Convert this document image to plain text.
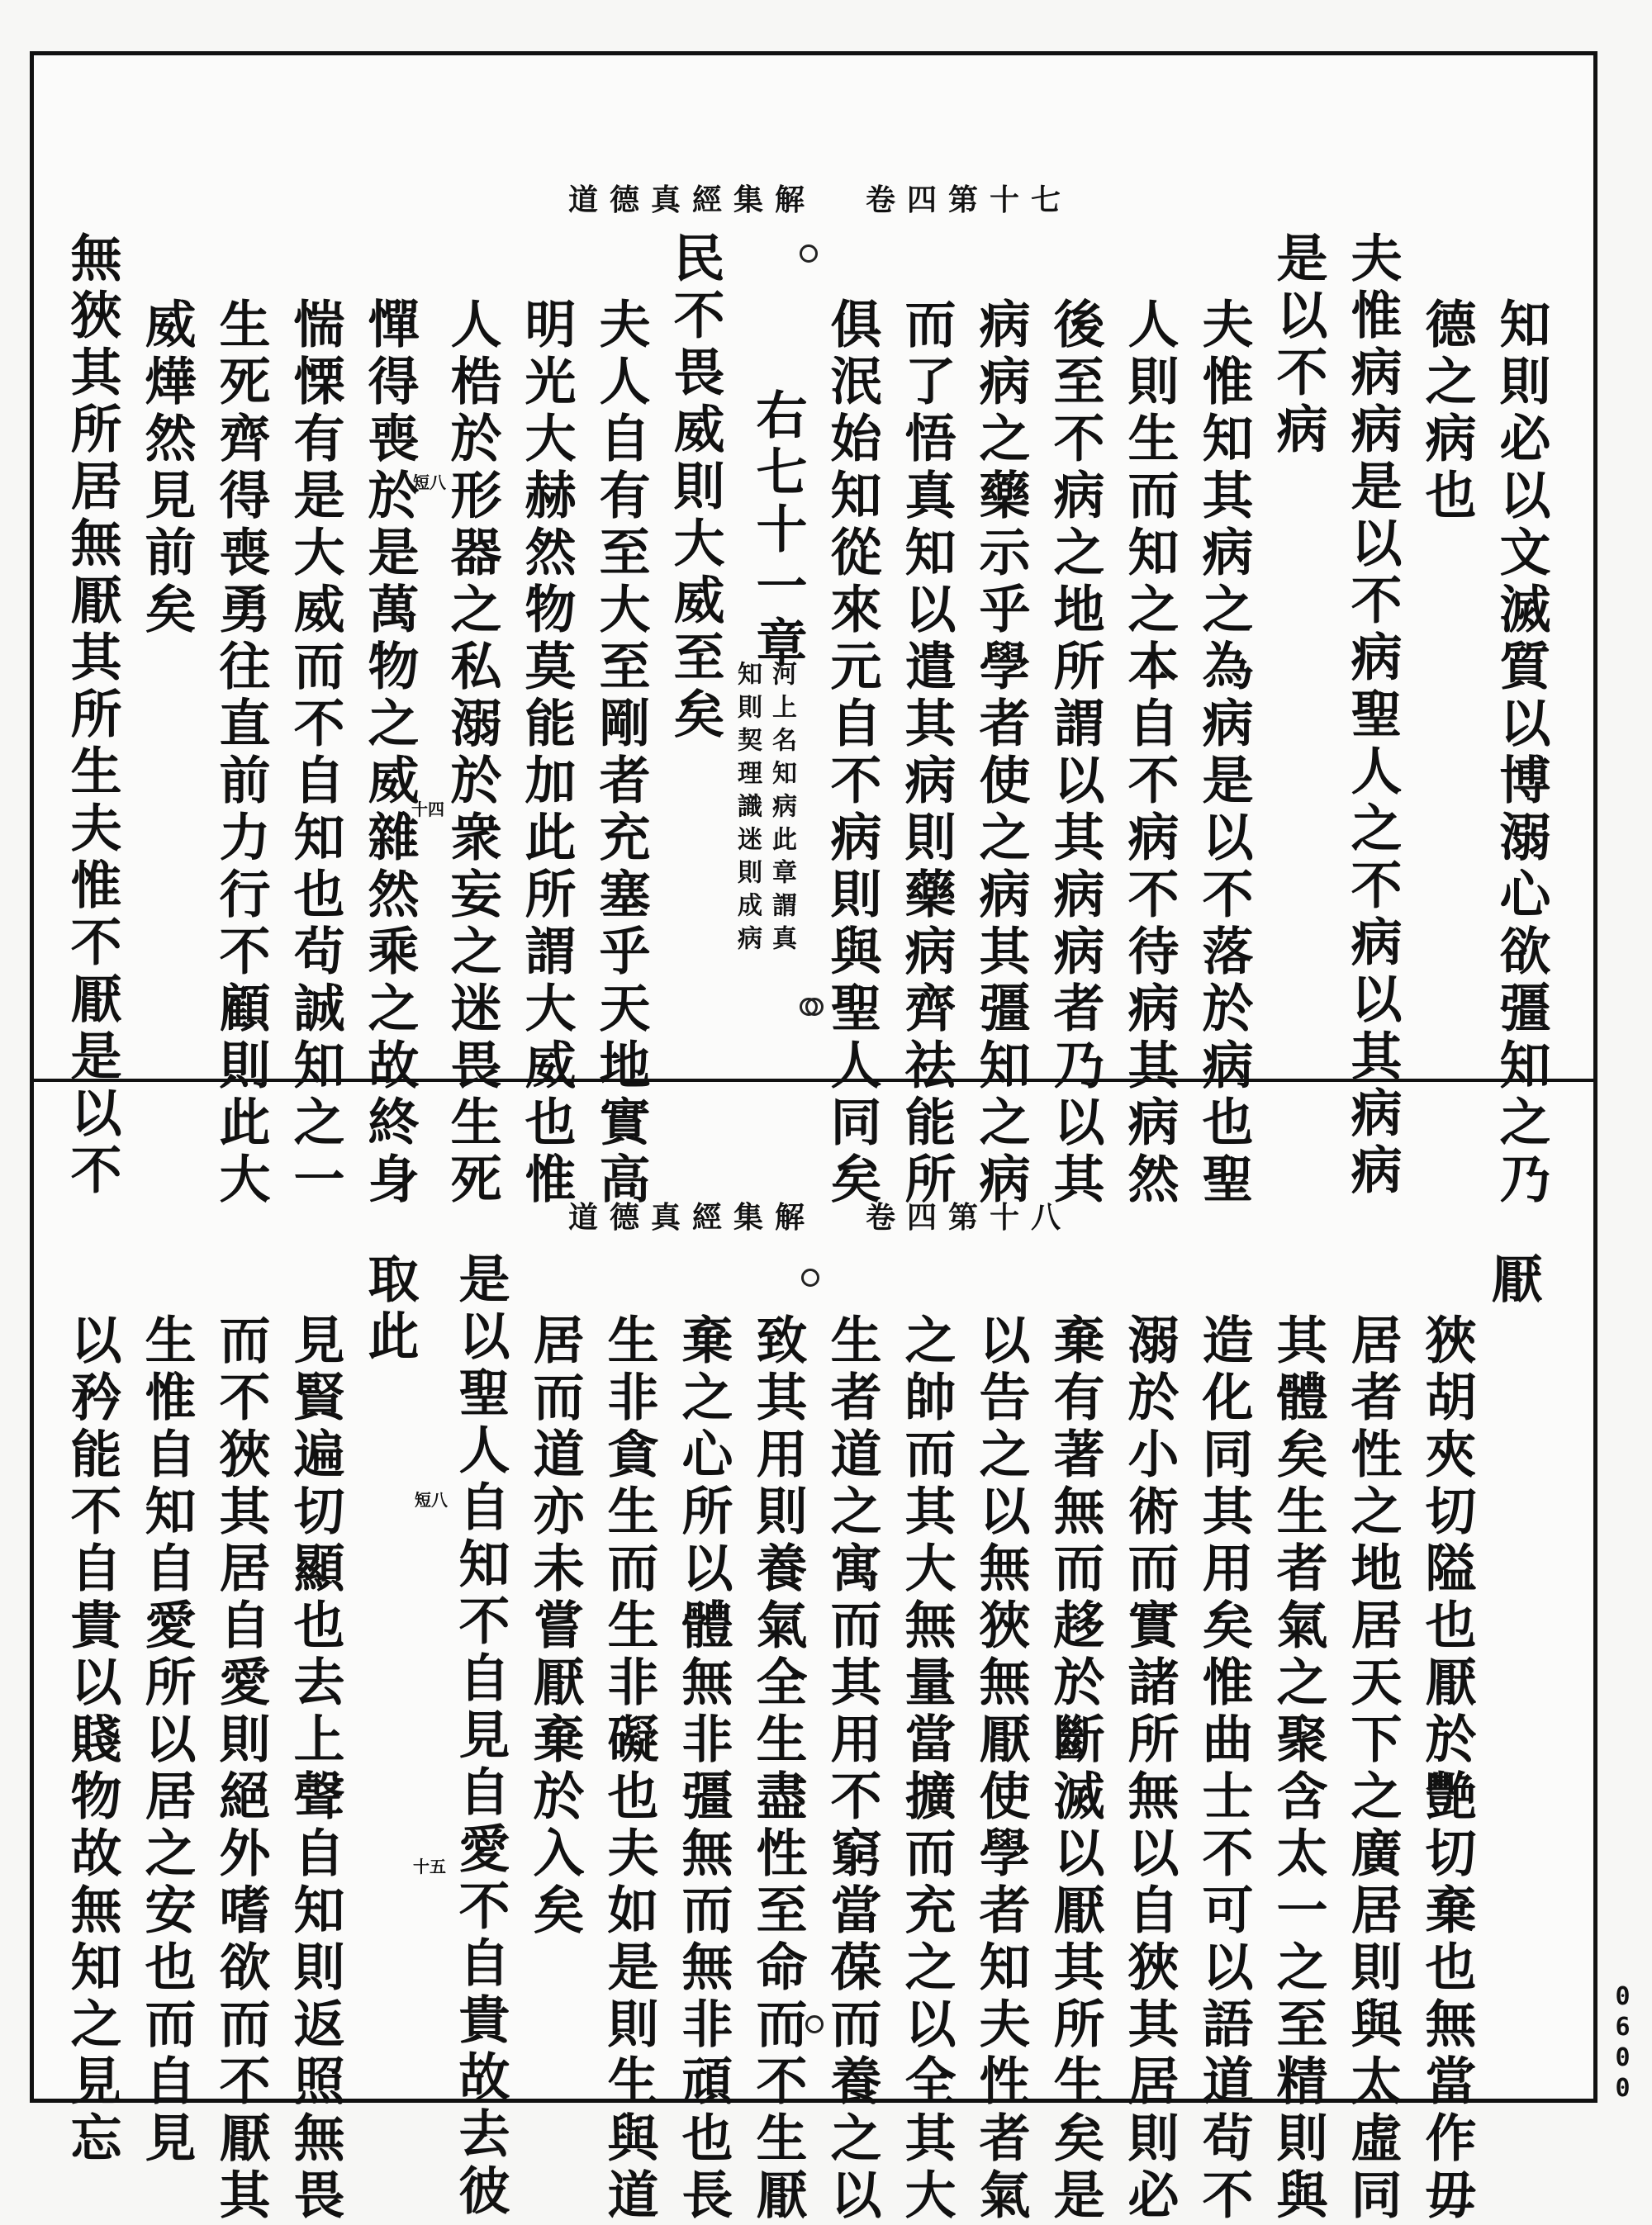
道德真經集解 卷四第十七
知則必以文滅質以博溺心欲彊知之乃
德之病也
夫惟病病是以不病聖人之不病以其病病
是以不病
夫惟知其病之為病是以不落於病也聖
人則生而知之本自不病不待病其病然
後至不病之地所謂以其病病者乃以其
病病之藥示乎學者使之病其彊知之病
而了悟真知以遣其病則藥病齊祛能所
俱泯始知從來元自不病則與聖人同矣
右七十一章
河上名知病此章謂真
知則契理識迷則成病
民不畏威則大威至矣
夫人自有至大至剛者充塞乎天地實高
明光大赫然物莫能加此所謂大威也惟
人梏於形器之私溺於衆妄之迷畏生死
短八
十四
憚得喪於是萬物之威雜然乘之故終身
惴慄有是大威而不自知也茍誠知之一
生死齊得喪勇往直前力行不顧則此大
威燁然見前矣
無狹其所居無厭其所生夫惟不厭是以不
道德真經集解 卷四第十八
厭
狹胡夾切隘也厭於艷切棄也無當作毋
居者性之地居天下之廣居則與太虛同
其體矣生者氣之聚含太一之至精則與
造化同其用矣惟曲士不可以語道茍不
溺於小術而實諸所無以自狹其居則必
棄有著無而趍於斷滅以厭其所生矣是
以告之以無狹無厭使學者知夫性者氣
之帥而其大無量當擴而充之以全其大
生者道之寓而其用不窮當葆而養之以
致其用則養氣全生盡性至命而不生厭
棄之心所以體無非彊無而無非頑也長
生非貪生而生非礙也夫如是則生與道
居而道亦未嘗厭棄於入矣
是以聖人自知不自見自愛不自貴故去彼
短八
十五
取此
見賢遍切顯也去上聲自知則返照無畏
而不狹其居自愛則絕外嗜欲而不厭其
生惟自知自愛所以居之安也而自見
以矜能不自貴以賤物故無知之見忘	0600
